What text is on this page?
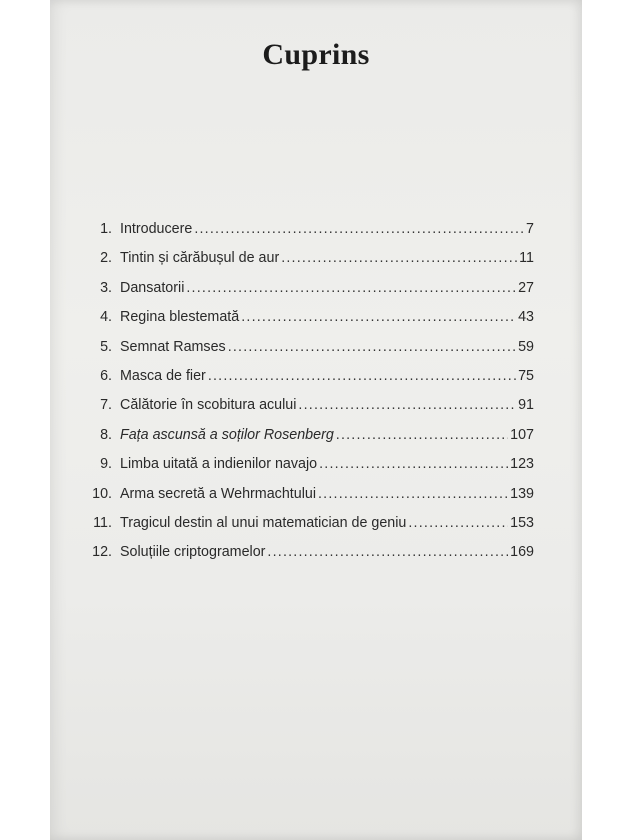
Cuprins
1. Introducere .....	7
2. Tintin și cărăbușul de aur .....	11
3. Dansatorii .....	27
4. Regina blestemată .....	43
5. Semnat Ramses .....	59
6. Masca de fier .....	75
7. Călătorie în scobitura acului .....	91
8. Fața ascunsă a soților Rosenberg .....	107
9. Limba uitată a indienilor navajo .....	123
10. Arma secretă a Wehrmachtului .....	139
11. Tragicul destin al unui matematician de geniu .....	153
12. Soluțiile criptogramelor .....	169
